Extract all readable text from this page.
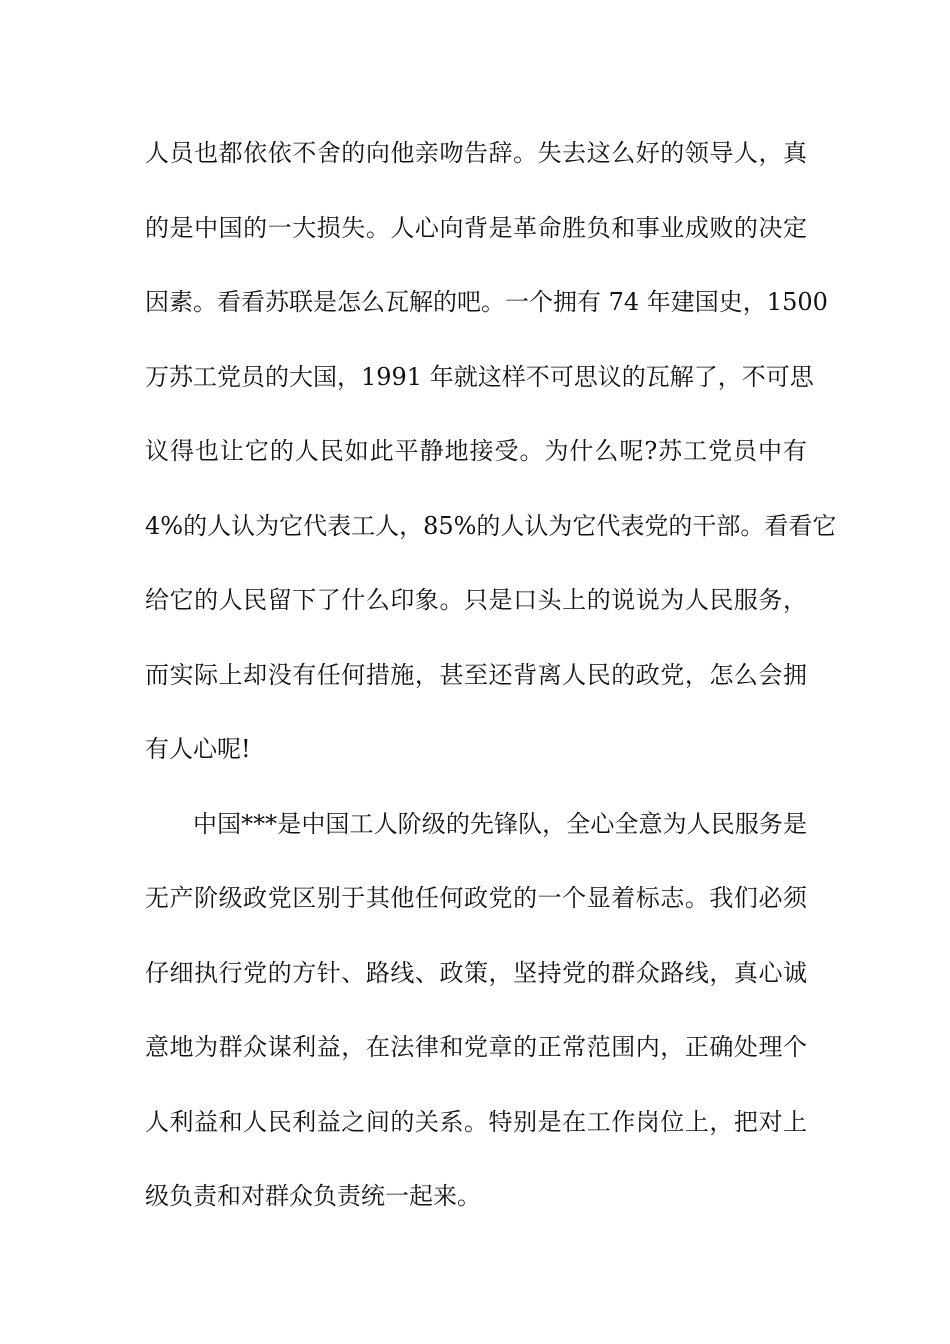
人员也都依依不舍的向他亲吻告辞。失去这么好的领导人，真
的是中国的一大损失。人心向背是革命胜负和事业成败的决定
因素。看看苏联是怎么瓦解的吧。一个拥有 74 年建国史，1500
万苏工党员的大国，1991 年就这样不可思议的瓦解了，不可思
议得也让它的人民如此平静地接受。为什么呢?苏工党员中有
4%的人认为它代表工人，85%的人认为它代表党的干部。看看它
给它的人民留下了什么印象。只是口头上的说说为人民服务，
而实际上却没有任何措施，甚至还背离人民的政党，怎么会拥
有人心呢!
中国***是中国工人阶级的先锋队，全心全意为人民服务是
无产阶级政党区别于其他任何政党的一个显着标志。我们必须
仔细执行党的方针、路线、政策，坚持党的群众路线，真心诚
意地为群众谋利益，在法律和党章的正常范围内，正确处理个
人利益和人民利益之间的关系。特别是在工作岗位上，把对上
级负责和对群众负责统一起来。
